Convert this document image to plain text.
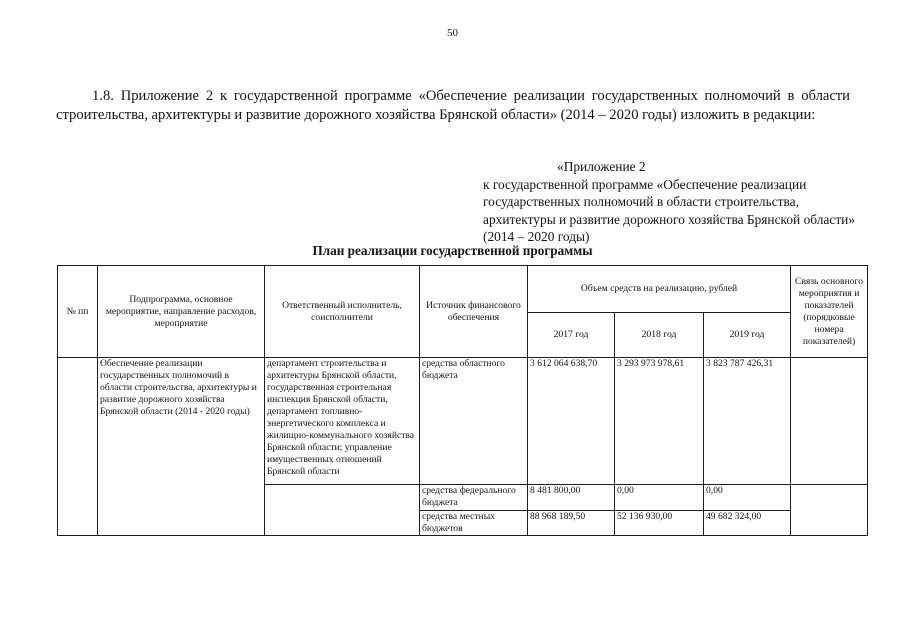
50

1.8. Приложение 2 к государственной программе «Обеспечение реализации государственных полномочий в области строительства, архитектуры и развитие дорожного хозяйства Брянской области» (2014 – 2020 годы) изложить в редакции:

«Приложение 2
к государственной программе «Обеспечение реализации государственных полномочий в области строительства, архитектуры и развитие дорожного хозяйства Брянской области» (2014 – 2020 годы)
План реализации государственной программы
№ пп	Подпрограмма, основное мероприятие, направление расходов, мероприятие	Ответственный исполнитель, соисполнители	Источник финансового обеспечения	Объем средств на реализацию, рублей			Связь основного мероприятия и показателей (порядковые номера показателей)
				2017 год	2018 год	2019 год	
	Обеспечение реализации государственных полномочий в области строительства, архитектуры и развитие дорожного хозяйства Брянской области (2014 - 2020 годы)	департамент строительства и архитектуры Брянской области, государственная строительная инспекция Брянской области, департамент топливно-энергетического комплекса и жилищно-коммунального хозяйства Брянской области; управление имущественных отношений Брянской области	средства областного бюджета	3 612 064 638,70	3 293 973 978,61	3 823 787 426,31	
			средства федерального бюджета	8 481 800,00	0,00	0,00	
			средства местных бюджетов	88 968 189,50	52 136 930,00	49 682 324,00	
